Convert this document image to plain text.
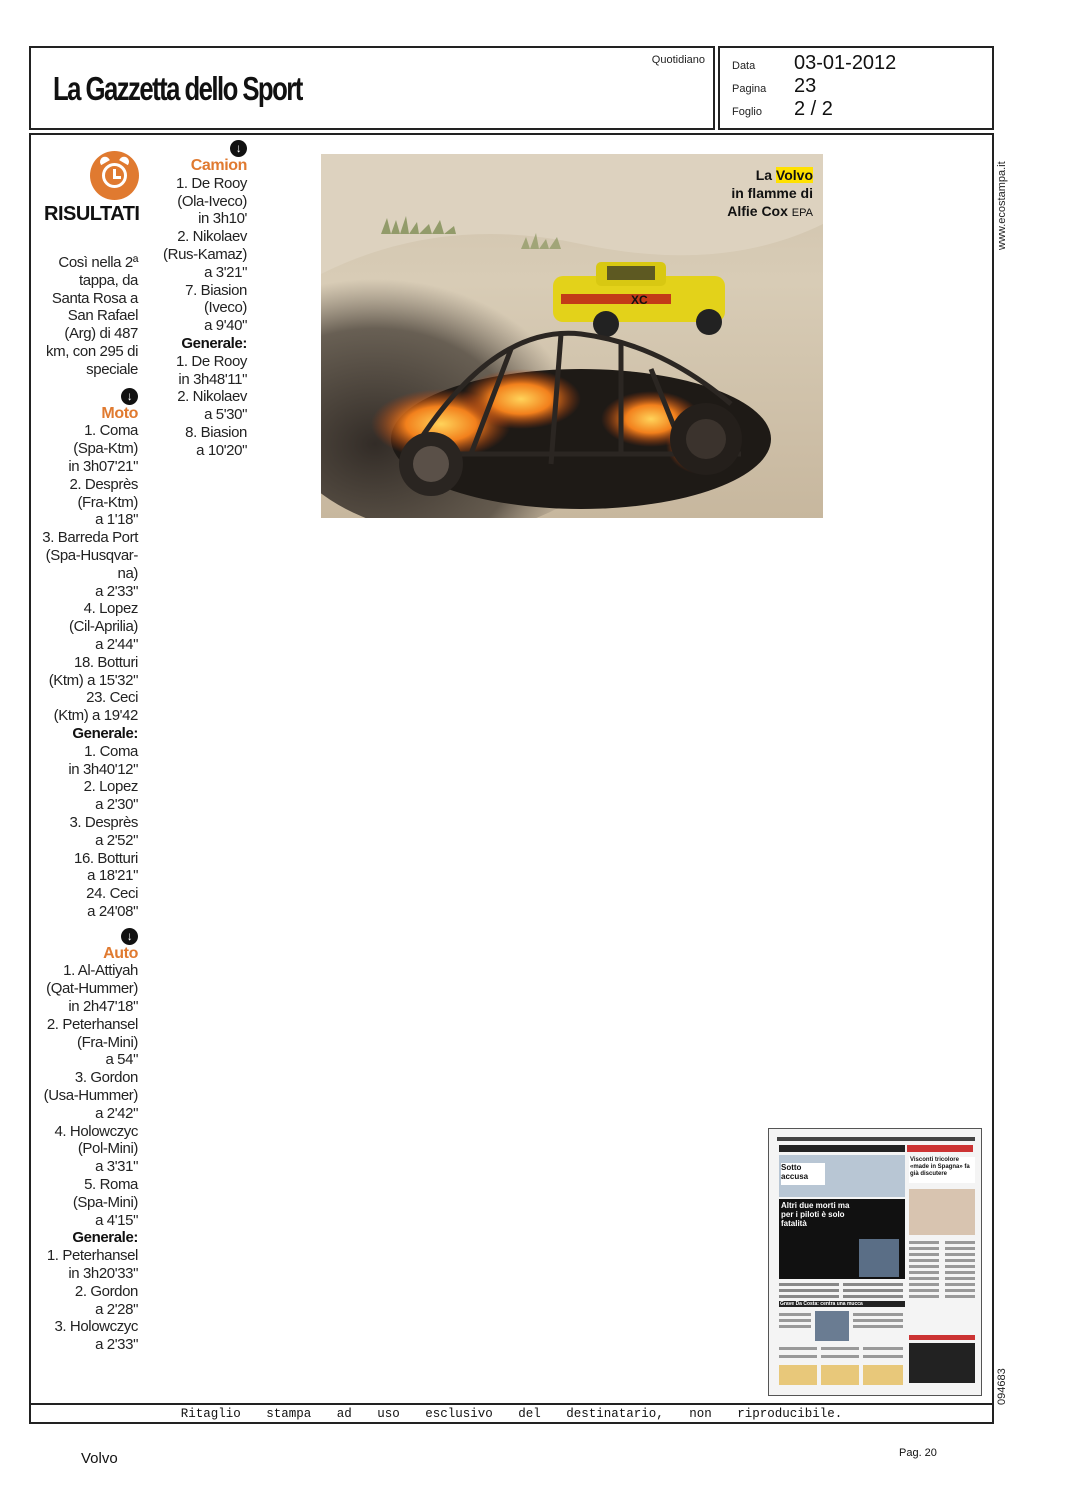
La Gazzetta dello Sport
Quotidiano Data	03-01-2012
Pagina	23
Foglio	2 / 2
Ritaglio stampa ad uso esclusivo del destinatario, non riproducibile.
www.ecostampa.it
094683
RISULTATI

Così nella 2ª

tappa, da

Santa Rosa a

San Rafael

(Arg) di 487

km, con 295 di

speciale

↓

Moto

1. Coma

(Spa-Ktm)

in 3h07'21"

2. Desprès

(Fra-Ktm)

a 1'18"

3. Barreda Port

(Spa-Husqvar-

na)

a 2'33"

4. Lopez

(Cil-Aprilia)

a 2'44"

18. Botturi

(Ktm) a 15'32"

23. Ceci

(Ktm) a 19'42

Generale:

1. Coma

in 3h40'12"

2. Lopez

a 2'30"

3. Desprès

a 2'52"

16. Botturi

a 18'21"

24. Ceci

a 24'08"

↓

Auto

1. Al-Attiyah

(Qat-Hummer)

in 2h47'18"

2. Peterhansel

(Fra-Mini)

a 54"

3. Gordon

(Usa-Hummer)

a 2'42"

4. Holowczyc

(Pol-Mini)

a 3'31"

5. Roma

(Spa-Mini)

a 4'15"

Generale:

1. Peterhansel

in 3h20'33"

2. Gordon

a 2'28"

3. Holowczyc

a 2'33"

↓

Camion

1. De Rooy

(Ola-Iveco)

in 3h10'

2. Nikolaev

(Rus-Kamaz)

a 3'21"

7. Biasion

(Iveco)

a 9'40"

Generale:

1. De Rooy

in 3h48'11"

2. Nikolaev

a 5'30"

8. Biasion

a 10'20"

XC
La Volvo
in flamme di
Alfie Cox EPA
Sotto accusa
Altri due morti ma per i piloti è solo fatalità
Grave Da Costa: centra una mucca
Visconti tricolore «made in Spagna» fa già discutere
Volvo	Pag. 20
